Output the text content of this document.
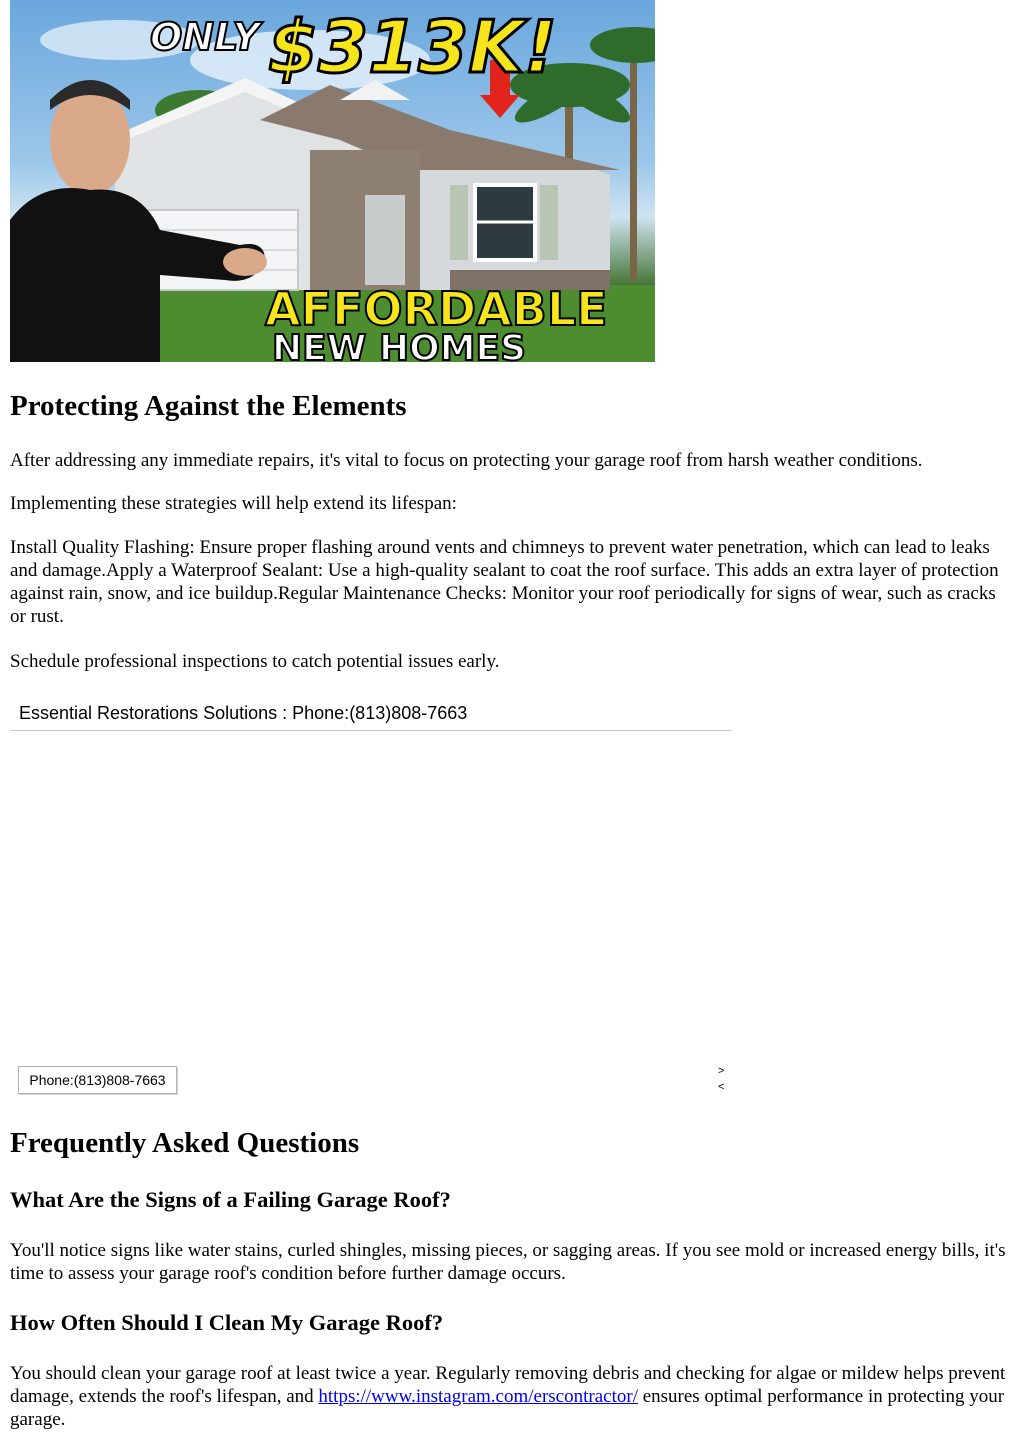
ONLY $313K!
AFFORDABLE
NEW HOMES
Protecting Against the Elements

After addressing any immediate repairs, it's vital to focus on protecting your garage roof from harsh weather conditions.

Implementing these strategies will help extend its lifespan:

Install Quality Flashing: Ensure proper flashing around vents and chimneys to prevent water penetration, which can lead to leaks and damage.Apply a Waterproof Sealant: Use a high-quality sealant to coat the roof surface. This adds an extra layer of protection against rain, snow, and ice buildup.Regular Maintenance Checks: Monitor your roof periodically for signs of wear, such as cracks or rust.

Schedule professional inspections to catch potential issues early.

Essential Restorations Solutions : Phone:(813)808-7663
Phone:(813)808-7663
>
<
Frequently Asked Questions
What Are the Signs of a Failing Garage Roof?

You'll notice signs like water stains, curled shingles, missing pieces, or sagging areas. If you see mold or increased energy bills, it's time to assess your garage roof's condition before further damage occurs.

How Often Should I Clean My Garage Roof?

You should clean your garage roof at least twice a year. Regularly removing debris and checking for algae or mildew helps prevent damage, extends the roof's lifespan, and https://www.instagram.com/erscontractor/ ensures optimal performance in protecting your garage.
